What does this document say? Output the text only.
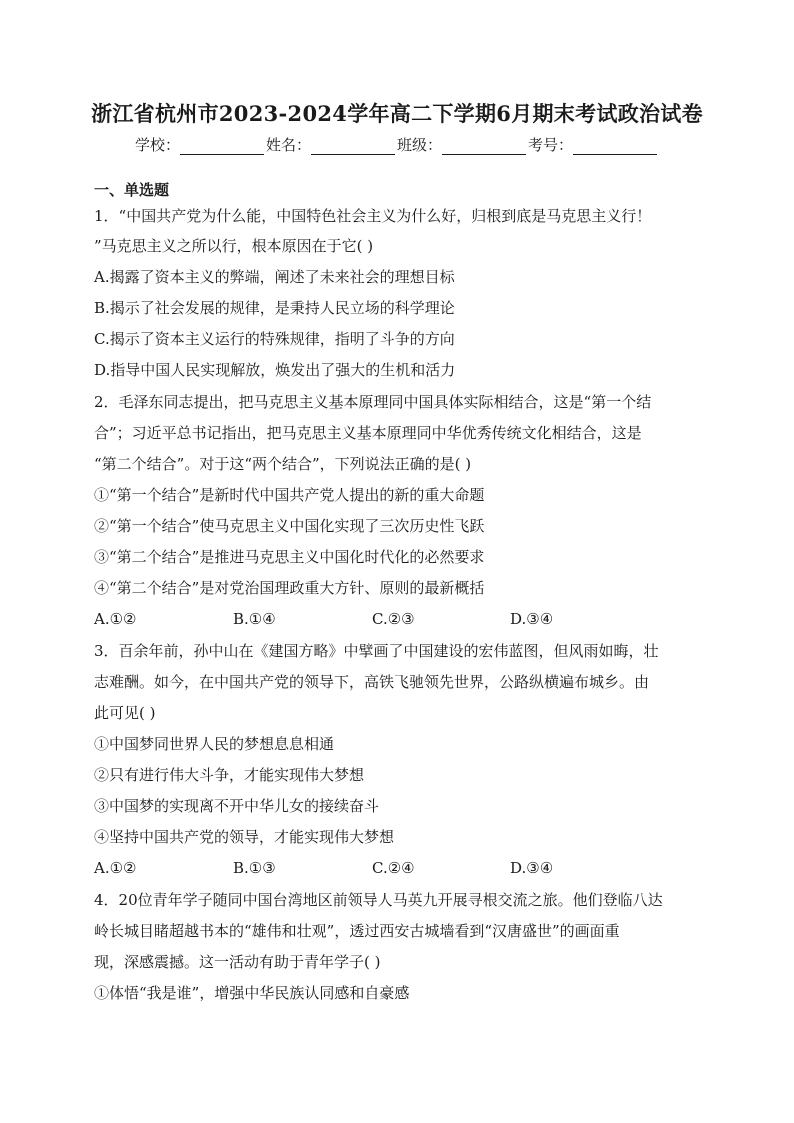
浙江省杭州市2023-2024学年高二下学期6月期末考试政治试卷
学校：	姓名：	班级：	考号：
一、单选题
1．“中国共产党为什么能，中国特色社会主义为什么好，归根到底是马克思主义行！
”马克思主义之所以行，根本原因在于它( )
A.揭露了资本主义的弊端，阐述了未来社会的理想目标
B.揭示了社会发展的规律，是秉持人民立场的科学理论
C.揭示了资本主义运行的特殊规律，指明了斗争的方向
D.指导中国人民实现解放，焕发出了强大的生机和活力
2．毛泽东同志提出，把马克思主义基本原理同中国具体实际相结合，这是“第一个结
合”；习近平总书记指出，把马克思主义基本原理同中华优秀传统文化相结合，这是
“第二个结合”。对于这“两个结合”，下列说法正确的是( )
①“第一个结合”是新时代中国共产党人提出的新的重大命题
②“第一个结合”使马克思主义中国化实现了三次历史性飞跃
③“第二个结合”是推进马克思主义中国化时代化的必然要求
④“第二个结合”是对党治国理政重大方针、原则的最新概括
A.①②	B.①④	C.②③	D.③④
3．百余年前，孙中山在《建国方略》中擘画了中国建设的宏伟蓝图，但风雨如晦，壮
志难酬。如今，在中国共产党的领导下，高铁飞驰领先世界，公路纵横遍布城乡。由
此可见( )
①中国梦同世界人民的梦想息息相通
②只有进行伟大斗争，才能实现伟大梦想
③中国梦的实现离不开中华儿女的接续奋斗
④坚持中国共产党的领导，才能实现伟大梦想
A.①②	B.①③	C.②④	D.③④
4．20位青年学子随同中国台湾地区前领导人马英九开展寻根交流之旅。他们登临八达
岭长城目睹超越书本的“雄伟和壮观”，透过西安古城墙看到“汉唐盛世”的画面重
现，深感震撼。这一活动有助于青年学子( )
①体悟“我是谁”，增强中华民族认同感和自豪感
